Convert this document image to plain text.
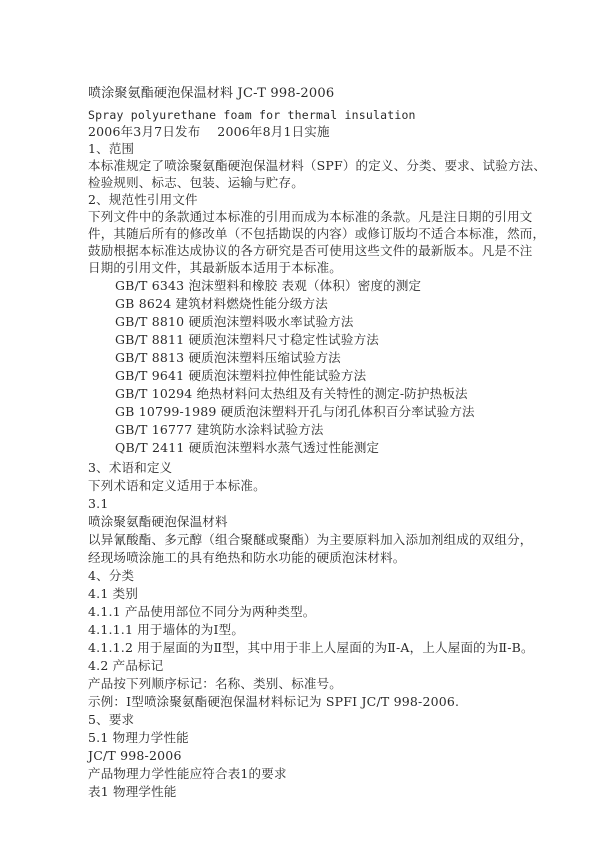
喷涂聚氨酯硬泡保温材料 JC-T 998-2006
Spray polyurethane foam for thermal insulation
2006年3月7日发布　 2006年8月1日实施
1、范围
本标准规定了喷涂聚氨酯硬泡保温材料（SPF）的定义、分类、要求、试验方法、
检验规则、标志、包装、运输与贮存。
2、规范性引用文件
下列文件中的条款通过本标准的引用而成为本标准的条款。凡是注日期的引用文
件，其随后所有的修改单（不包括勘误的内容）或修订版均不适合本标准，然而，
鼓励根据本标准达成协议的各方研究是否可使用这些文件的最新版本。凡是不注
日期的引用文件，其最新版本适用于本标准。
GB/T 6343 泡沫塑料和橡胶 表观（体积）密度的测定
GB 8624 建筑材料燃烧性能分级方法
GB/T 8810 硬质泡沫塑料吸水率试验方法
GB/T 8811 硬质泡沫塑料尺寸稳定性试验方法
GB/T 8813 硬质泡沫塑料压缩试验方法
GB/T 9641 硬质泡沫塑料拉伸性能试验方法
GB/T 10294 绝热材料问太热组及有关特性的测定-防护热板法
GB 10799-1989 硬质泡沫塑料开孔与闭孔体积百分率试验方法
GB/T 16777 建筑防水涂料试验方法
QB/T 2411 硬质泡沫塑料水蒸气透过性能测定
3、术语和定义
下列术语和定义适用于本标准。
3.1
喷涂聚氨酯硬泡保温材料
以异氰酸酯、多元醇（组合聚醚或聚酯）为主要原料加入添加剂组成的双组分，
经现场喷涂施工的具有绝热和防水功能的硬质泡沫材料。
4、分类
4.1 类别
4.1.1 产品使用部位不同分为两种类型。
4.1.1.1 用于墙体的为Ⅰ型。
4.1.1.2 用于屋面的为Ⅱ型，其中用于非上人屋面的为Ⅱ-A，上人屋面的为Ⅱ-B。
4.2 产品标记
产品按下列顺序标记：名称、类别、标准号。
示例：Ⅰ型喷涂聚氨酯硬泡保温材料标记为 SPFⅠ JC/T 998-2006.
5、要求
5.1 物理力学性能
JC/T 998-2006
产品物理力学性能应符合表1的要求
表1 物理学性能
